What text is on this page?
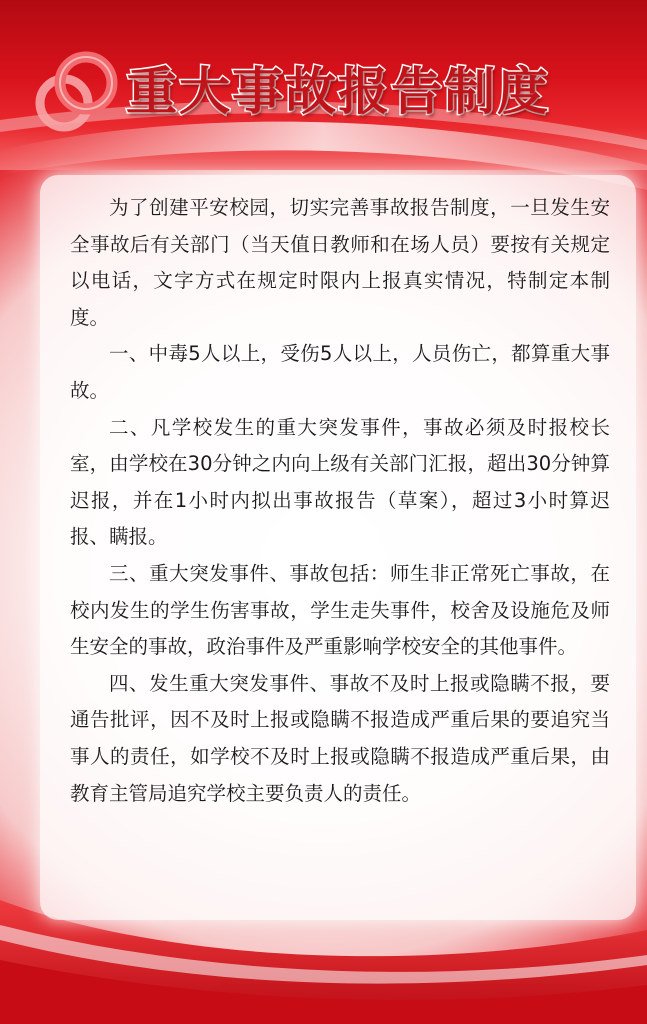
重大事故报告制度

为了创建平安校园，切实完善事故报告制度，一旦发生安全事故后有关部门（当天值日教师和在场人员）要按有关规定以电话，文字方式在规定时限内上报真实情况，特制定本制度。

一、中毒5人以上，受伤5人以上，人员伤亡，都算重大事故。

二、凡学校发生的重大突发事件，事故必须及时报校长室，由学校在30分钟之内向上级有关部门汇报，超出30分钟算迟报，并在1小时内拟出事故报告（草案），超过3小时算迟报、瞒报。

三、重大突发事件、事故包括：师生非正常死亡事故，在校内发生的学生伤害事故，学生走失事件，校舍及设施危及师生安全的事故，政治事件及严重影响学校安全的其他事件。

四、发生重大突发事件、事故不及时上报或隐瞒不报，要通告批评，因不及时上报或隐瞒不报造成严重后果的要追究当事人的责任，如学校不及时上报或隐瞒不报造成严重后果，由教育主管局追究学校主要负责人的责任。
